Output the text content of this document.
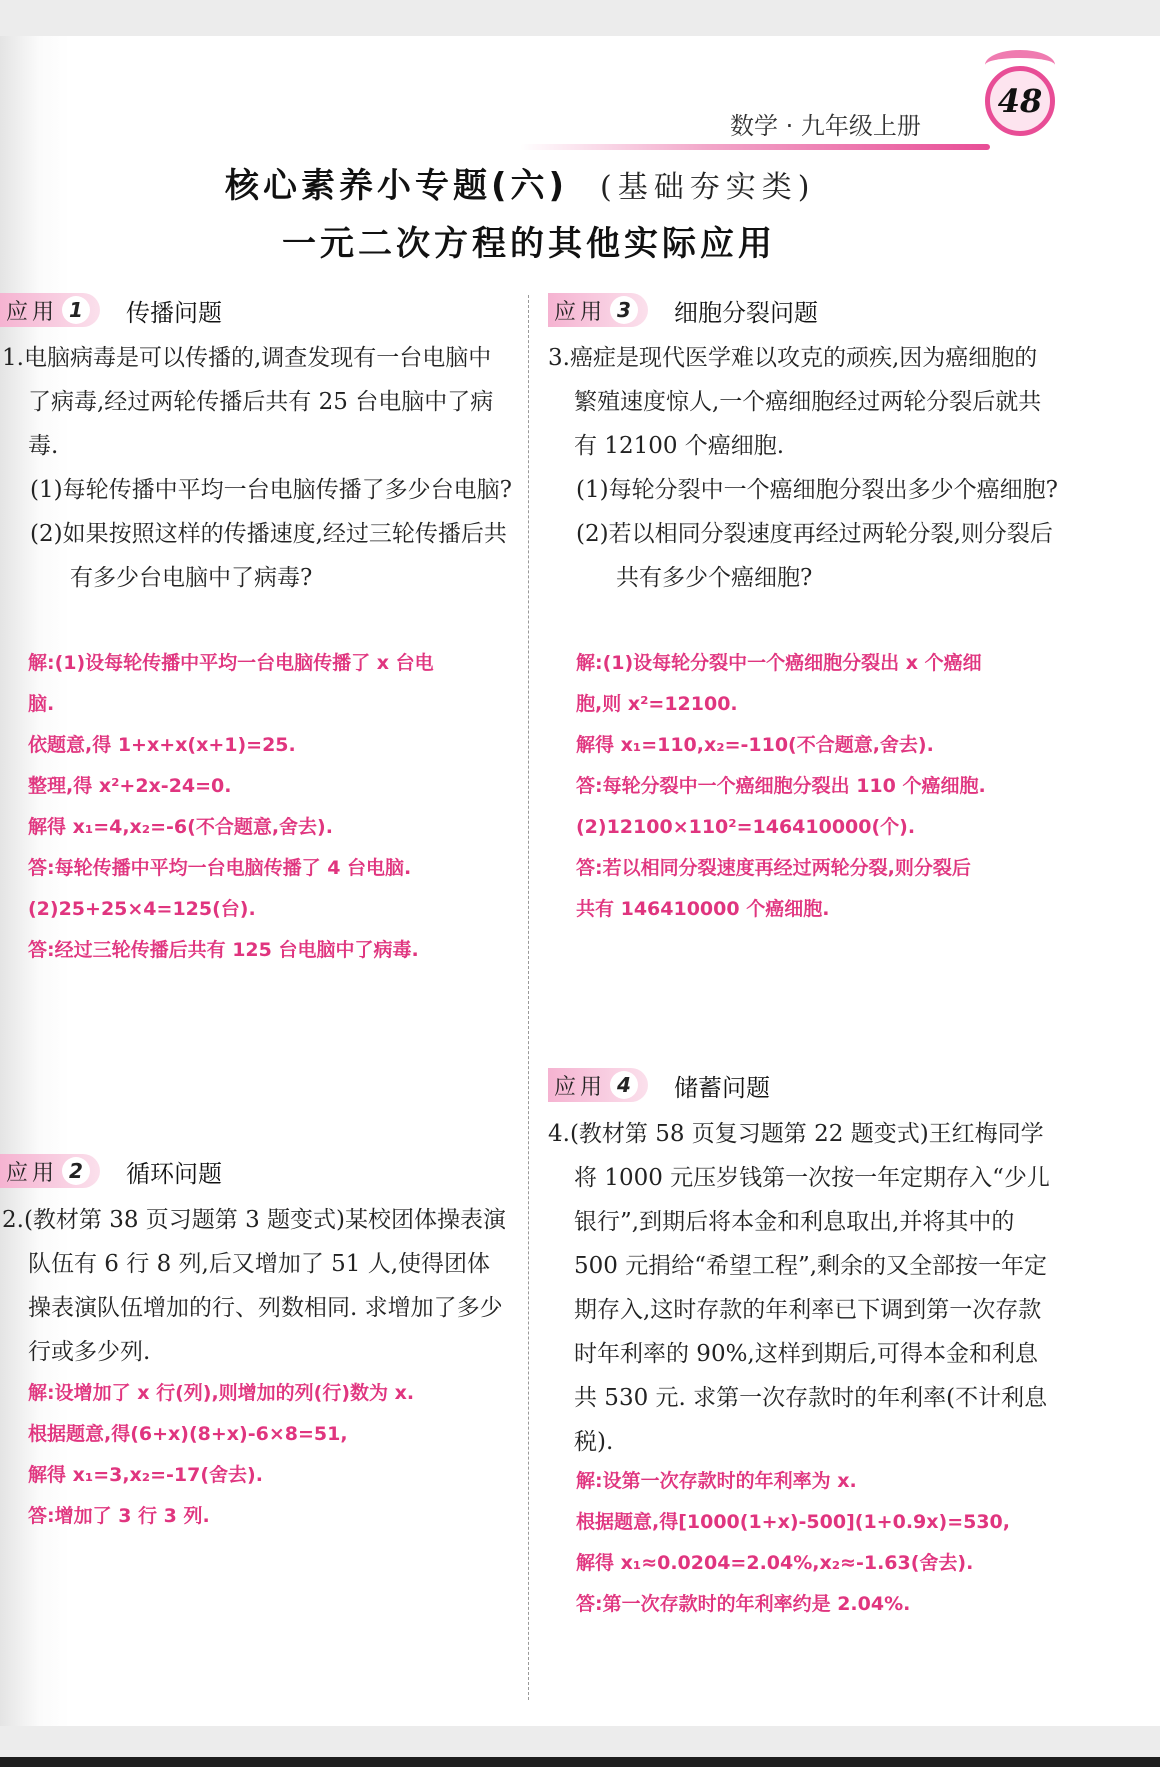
数学 · 九年级上册
48
核心素养小专题(六) (基础夯实类)
一元二次方程的其他实际应用
应用 1 传播问题

1.电脑病毒是可以传播的,调查发现有一台电脑中了病毒,经过两轮传播后共有 25 台电脑中了病毒.

(1)每轮传播中平均一台电脑传播了多少台电脑?

(2)如果按照这样的传播速度,经过三轮传播后共有多少台电脑中了病毒?

解:(1)设每轮传播中平均一台电脑传播了 x 台电

脑.

依题意,得 1+x+x(x+1)=25.

整理,得 x²+2x-24=0.

解得 x₁=4,x₂=-6(不合题意,舍去).

答:每轮传播中平均一台电脑传播了 4 台电脑.

(2)25+25×4=125(台).

答:经过三轮传播后共有 125 台电脑中了病毒.

应用 2 循环问题

2.(教材第 38 页习题第 3 题变式)某校团体操表演队伍有 6 行 8 列,后又增加了 51 人,使得团体操表演队伍增加的行、列数相同. 求增加了多少行或多少列.

解:设增加了 x 行(列),则增加的列(行)数为 x.

根据题意,得(6+x)(8+x)-6×8=51,

解得 x₁=3,x₂=-17(舍去).

答:增加了 3 行 3 列.

应用 3 细胞分裂问题

3.癌症是现代医学难以攻克的顽疾,因为癌细胞的繁殖速度惊人,一个癌细胞经过两轮分裂后就共有 12100 个癌细胞.

(1)每轮分裂中一个癌细胞分裂出多少个癌细胞?

(2)若以相同分裂速度再经过两轮分裂,则分裂后共有多少个癌细胞?

解:(1)设每轮分裂中一个癌细胞分裂出 x 个癌细

胞,则 x²=12100.

解得 x₁=110,x₂=-110(不合题意,舍去).

答:每轮分裂中一个癌细胞分裂出 110 个癌细胞.

(2)12100×110²=146410000(个).

答:若以相同分裂速度再经过两轮分裂,则分裂后

共有 146410000 个癌细胞.

应用 4 储蓄问题

4.(教材第 58 页复习题第 22 题变式)王红梅同学将 1000 元压岁钱第一次按一年定期存入“少儿银行”,到期后将本金和利息取出,并将其中的 500 元捐给“希望工程”,剩余的又全部按一年定期存入,这时存款的年利率已下调到第一次存款时年利率的 90%,这样到期后,可得本金和利息共 530 元. 求第一次存款时的年利率(不计利息税).

解:设第一次存款时的年利率为 x.

根据题意,得[1000(1+x)-500](1+0.9x)=530,

解得 x₁≈0.0204=2.04%,x₂≈-1.63(舍去).

答:第一次存款时的年利率约是 2.04%.
